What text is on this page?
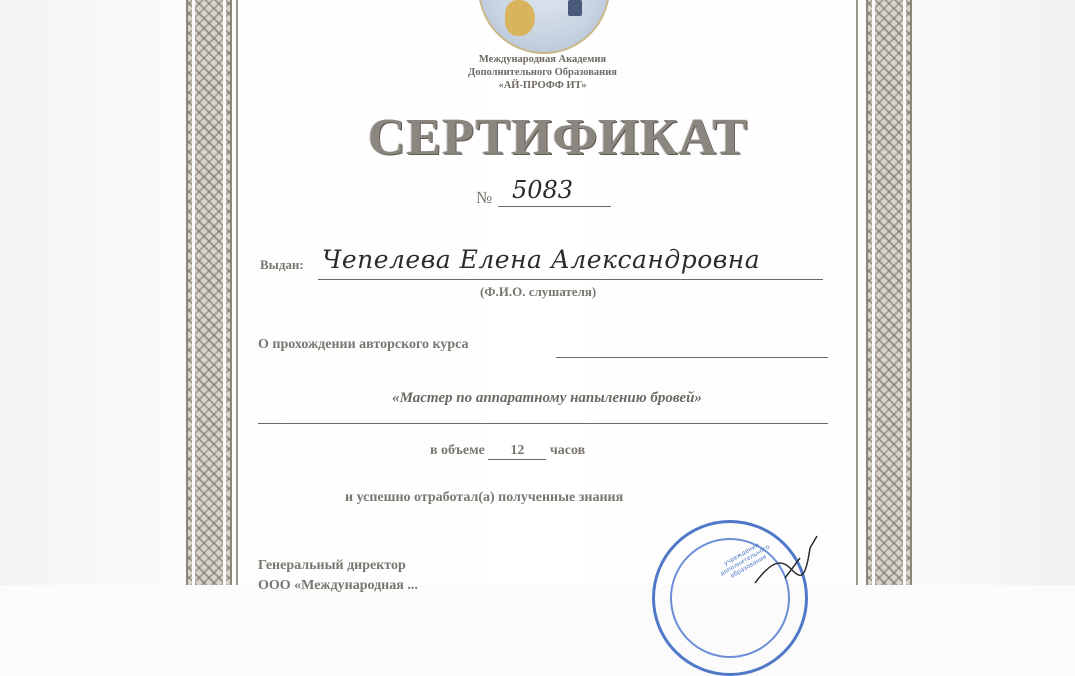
Международная Академия
Дополнительного Образования
«АЙ-ПРОФФ ИТ»
СЕРТИФИКАТ
№ 5083
Выдан: Чепелева Елена Александровна
(Ф.И.О. слушателя)
О прохождении авторского курса
«Мастер по аппаратному напылению бровей»
в объеме 12 часов
и успешно отработал(а) полученные знания
Генеральный директор
ООО «Международная ...
учреждение дополнительного образования
